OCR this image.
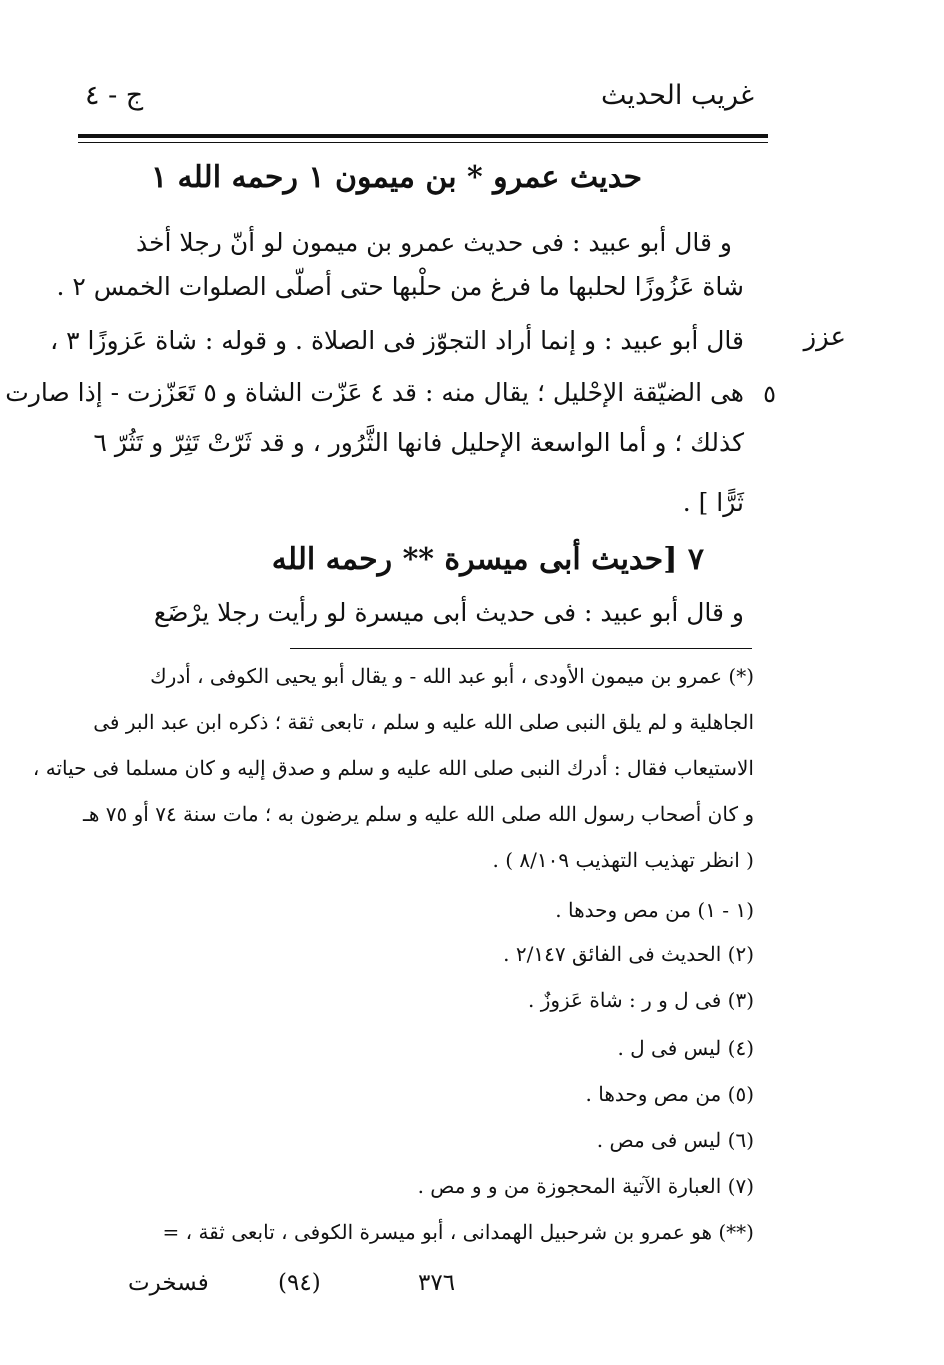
غريب الحديث
ج - ٤
حديث عمرو * بن ميمون ١ رحمه الله ١
و قال أبو عبيد : فى حديث عمرو بن ميمون لو أنّ رجلا أخذ
شاة عَزُوزًا لحلبها ما فرغ من حلْبها حتى أصلّى الصلوات الخمس ٢ .
عزز
قال أبو عبيد : و إنما أراد التجوّز فى الصلاة . و قوله : شاة عَزوزًا ٣ ،
٥
هى الضيّقة الإحْليل ؛ يقال منه : قد ٤ عَزّت الشاة و ٥ تَعَزّزت - إذا صارت
كذلك ؛ و أما الواسعة الإحليل فانها الثَّرُور ، و قد ثَرّتْ تَثِرّ و تَثُرّ ٦
ثَرًّا ] .
٧ [حديث أبى ميسرة ** رحمه الله
و قال أبو عبيد : فى حديث أبى ميسرة لو رأيت رجلا يرْضَع
(*) عمرو بن ميمون الأودى ، أبو عبد الله - و يقال أبو يحيى الكوفى ، أدرك
الجاهلية و لم يلق النبى صلى الله عليه و سلم ، تابعى ثقة ؛ ذكره ابن عبد البر فى
الاستيعاب فقال : أدرك النبى صلى الله عليه و سلم و صدق إليه و كان مسلما فى حياته ،
و كان أصحاب رسول الله صلى الله عليه و سلم يرضون به ؛ مات سنة ٧٤ أو ٧٥ هـ
( انظر تهذيب التهذيب ٨/١٠٩ ) .
(١ - ١) من مص وحدها .
(٢) الحديث فى الفائق ٢/١٤٧ .
(٣) فى ل و ر : شاة عَزوزٌ .
(٤) ليس فى ل .
(٥) من مص وحدها .
(٦) ليس فى مص .
(٧) العبارة الآتية المحجوزة من و و مص .
(**) هو عمرو بن شرحبيل الهمدانى ، أبو ميسرة الكوفى ، تابعى ثقة ، =
٣٧٦
(٩٤)
فسخرت
